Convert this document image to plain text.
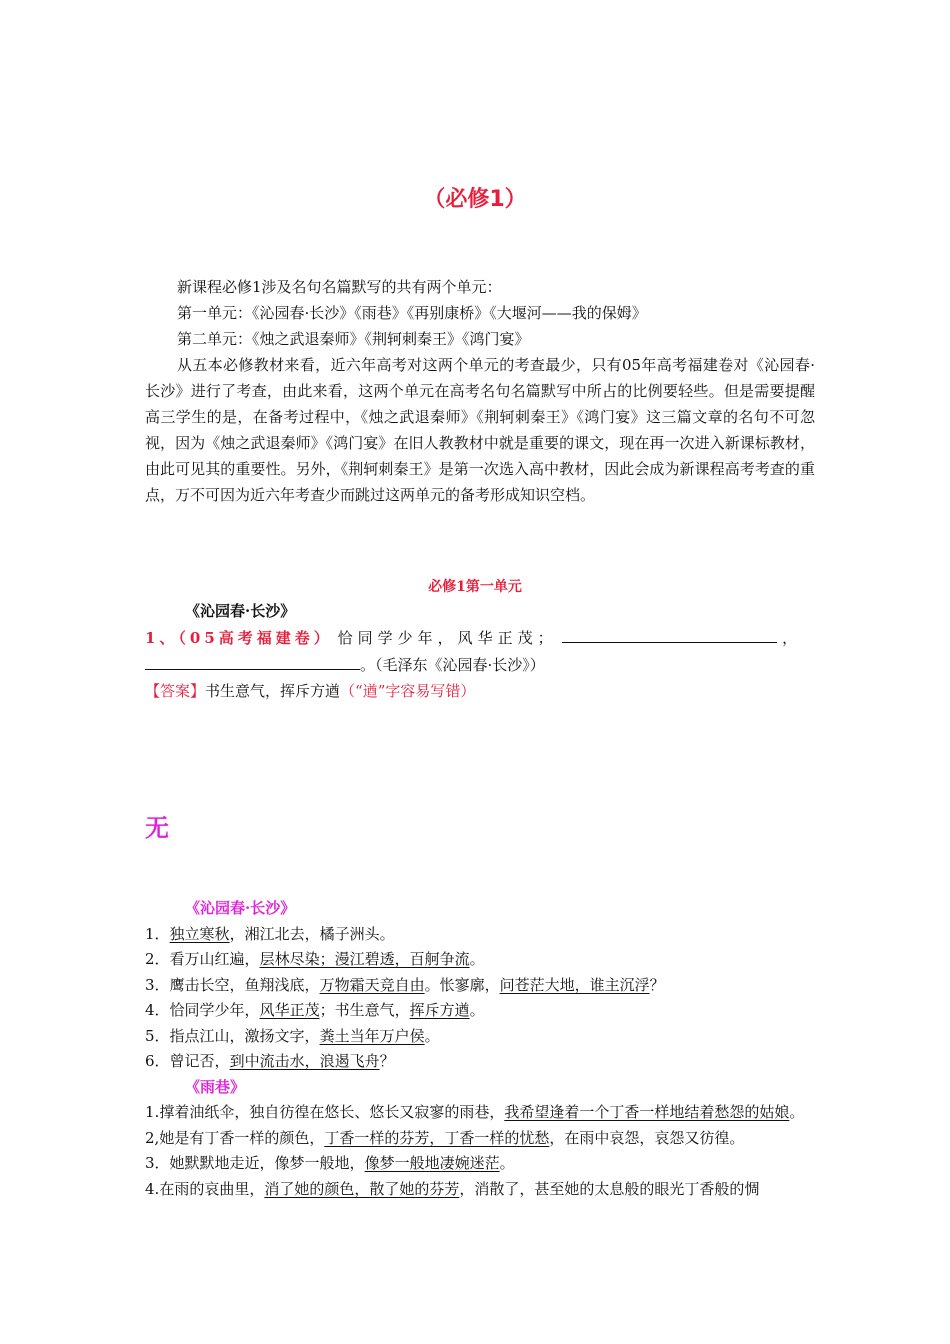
（必修1）

新课程必修1涉及名句名篇默写的共有两个单元：

第一单元：《沁园春·长沙》《雨巷》《再别康桥》《大堰河——我的保姆》

第二单元：《烛之武退秦师》《荆轲刺秦王》《鸿门宴》

从五本必修教材来看，近六年高考对这两个单元的考查最少，只有05年高考福建卷对《沁园春·长沙》进行了考查，由此来看，这两个单元在高考名句名篇默写中所占的比例要轻些。但是需要提醒高三学生的是，在备考过程中，《烛之武退秦师》《荆轲刺秦王》《鸿门宴》这三篇文章的名句不可忽视，因为《烛之武退秦师》《鸿门宴》在旧人教教材中就是重要的课文，现在再一次进入新课标教材，由此可见其的重要性。另外，《荆轲刺秦王》是第一次选入高中教材，因此会成为新课程高考考查的重点，万不可因为近六年考查少而跳过这两单元的备考形成知识空档。

必修1第一单元

《沁园春·长沙》

1、（05高考福建卷） 恰同学少年，风华正茂；	，

。（毛泽东《沁园春·长沙》）

【答案】书生意气，挥斥方遒（“遒”字容易写错）

无

《沁园春·长沙》

1．独立寒秋，湘江北去，橘子洲头。

2．看万山红遍，层林尽染；漫江碧透，百舸争流。

3．鹰击长空，鱼翔浅底，万物霜天竞自由。怅寥廓，问苍茫大地，谁主沉浮？

4．恰同学少年，风华正茂；书生意气，挥斥方遒。

5．指点江山，激扬文字，粪土当年万户侯。

6．曾记否，到中流击水，浪遏飞舟？

《雨巷》

1.撑着油纸伞，独自彷徨在悠长、悠长又寂寥的雨巷，我希望逢着一个丁香一样地结着愁怨的姑娘。

2,她是有丁香一样的颜色，丁香一样的芬芳，丁香一样的忧愁，在雨中哀怨，哀怨又彷徨。

3．她默默地走近，像梦一般地，像梦一般地凄婉迷茫。

4.在雨的哀曲里，消了她的颜色，散了她的芬芳，消散了，甚至她的太息般的眼光丁香般的惆
